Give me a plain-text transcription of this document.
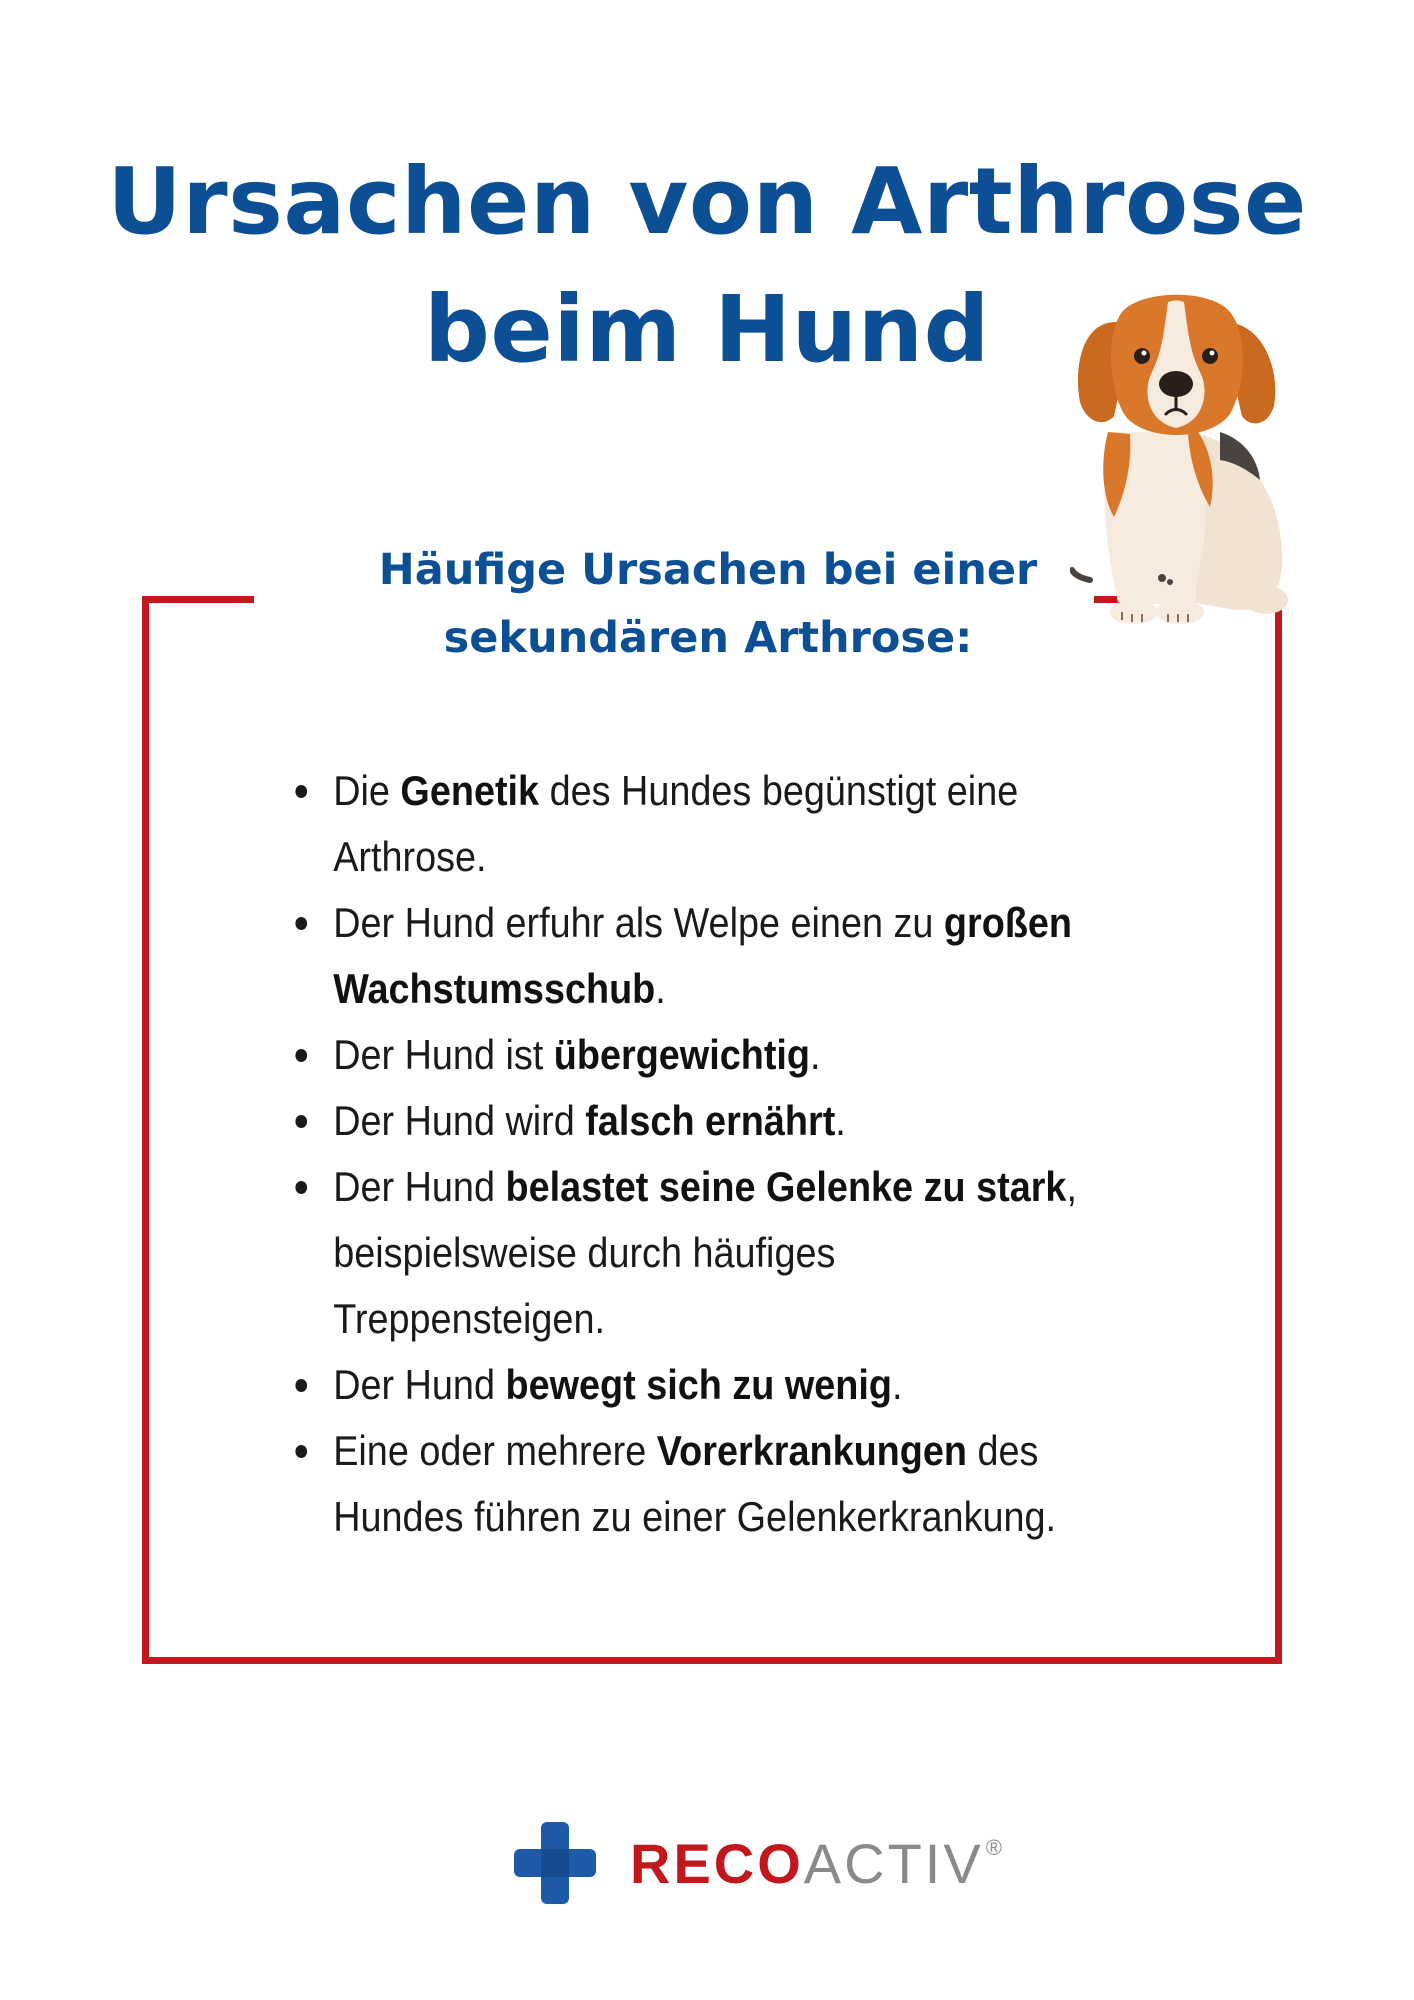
Ursachen von Arthrose
beim Hund
Häufige Ursachen bei einer
sekundären Arthrose:
Die Genetik des Hundes begünstigt eine Arthrose.
Der Hund erfuhr als Welpe einen zu großen Wachstumsschub.
Der Hund ist übergewichtig.
Der Hund wird falsch ernährt.
Der Hund belastet seine Gelenke zu stark, beispielsweise durch häufiges Treppensteigen.
Der Hund bewegt sich zu wenig.
Eine oder mehrere Vorerkrankungen des Hundes führen zu einer Gelenkerkrankung.
RECO ACTIV ®
